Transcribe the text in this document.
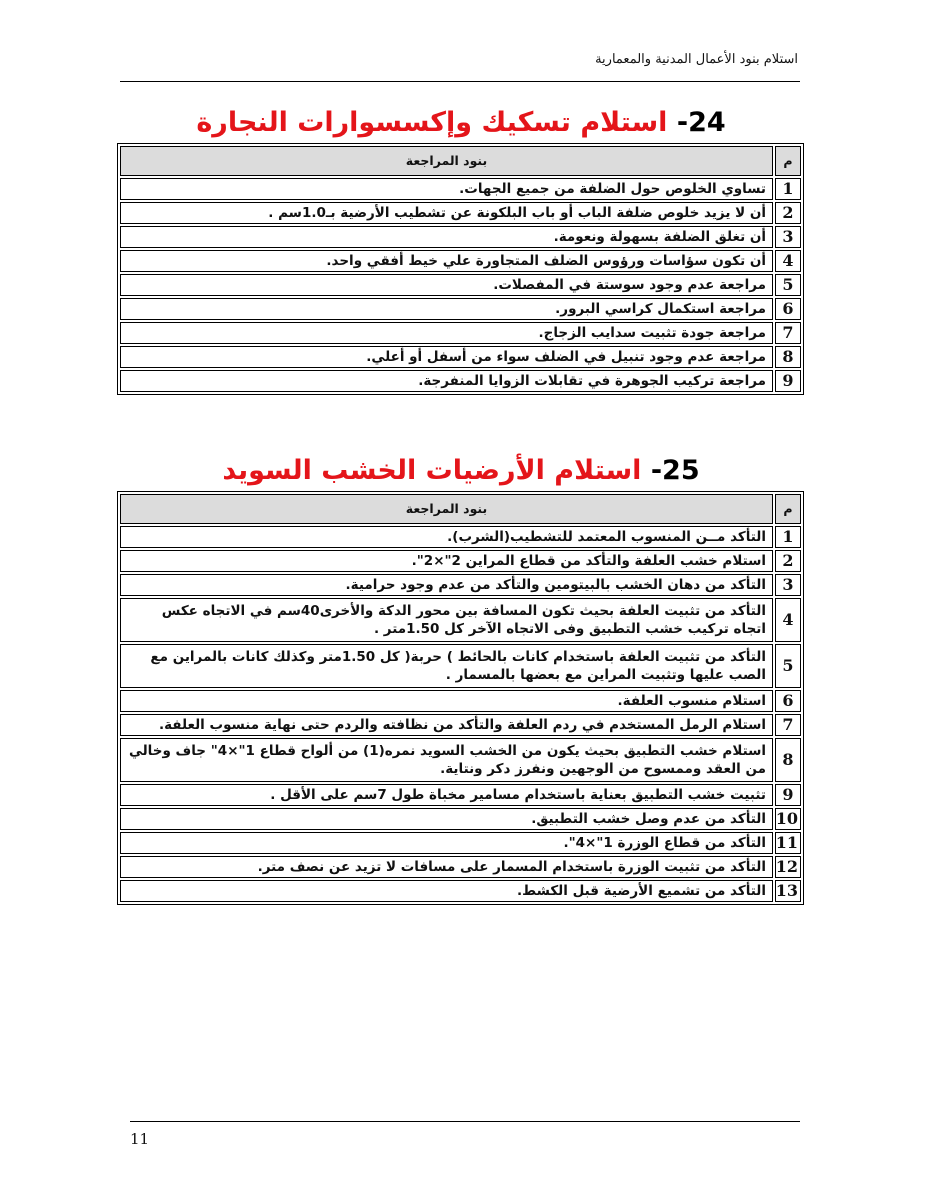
استلام بنود الأعمال المدنية والمعمارية
24- استلام تسكيك وإكسسوارات النجارة
م	بنود المراجعة
1	تساوي الخلوص حول الضلفة من جميع الجهات.
2	أن لا يزيد خلوص ضلفة الباب أو باب البلكونة عن تشطيب الأرضية بـ1.0سم .
3	أن تغلق الضلفة بسهولة ونعومة.
4	أن تكون سؤاسات ورؤوس الضلف المتجاورة علي خيط أفقي واحد.
5	مراجعة عدم وجود سوستة في المفصلات.
6	مراجعة استكمال كراسي البرور.
7	مراجعة جودة تثبيت سدايب الزجاج.
8	مراجعة عدم وجود تنبيل في الضلف سواء من أسفل أو أعلي.
9	مراجعة تركيب الجوهرة في تقابلات الزوايا المنفرجة.
25- استلام الأرضيات الخشب السويد
م	بنود المراجعة
1	التأكد مــن المنسوب المعتمد للتشطيب(الشرب).
2	استلام خشب العلفة والتأكد من قطاع المراين 2"×2".
3	التأكد من دهان الخشب بالبيتومين والتأكد من عدم وجود حرامية.
4	التأكد من تثبيت العلفة بحيث تكون المسافة بين محور الدكة والأخرى40سم في الاتجاه عكس اتجاه تركيب خشب التطبيق وفى الاتجاه الآخر كل 1.50متر .
5	التأكد من تثبيت العلفة باستخدام كانات بالحائط ) حربة( كل 1.50متر وكذلك كانات بالمراين مع الصب عليها وتثبيت المراين مع بعضها بالمسمار .
6	استلام منسوب العلفة.
7	استلام الرمل المستخدم في ردم العلفة والتأكد من نظافته والردم حتى نهاية منسوب العلفة.
8	استلام خشب التطبيق بحيث يكون من الخشب السويد نمره(1) من ألواح قطاع 1"×4" جاف وخالي من العقد وممسوح من الوجهين ونفرز دكر ونتاية.
9	تثبيت خشب التطبيق بعناية باستخدام مسامير مخباة طول 7سم على الأقل .
10	التأكد من عدم وصل خشب التطبيق.
11	التأكد من قطاع الوزرة 1"×4".
12	التأكد من تثبيت الوزرة باستخدام المسمار على مسافات لا تزيد عن نصف متر.
13	التأكد من تشميع الأرضية قبل الكشط.
11
